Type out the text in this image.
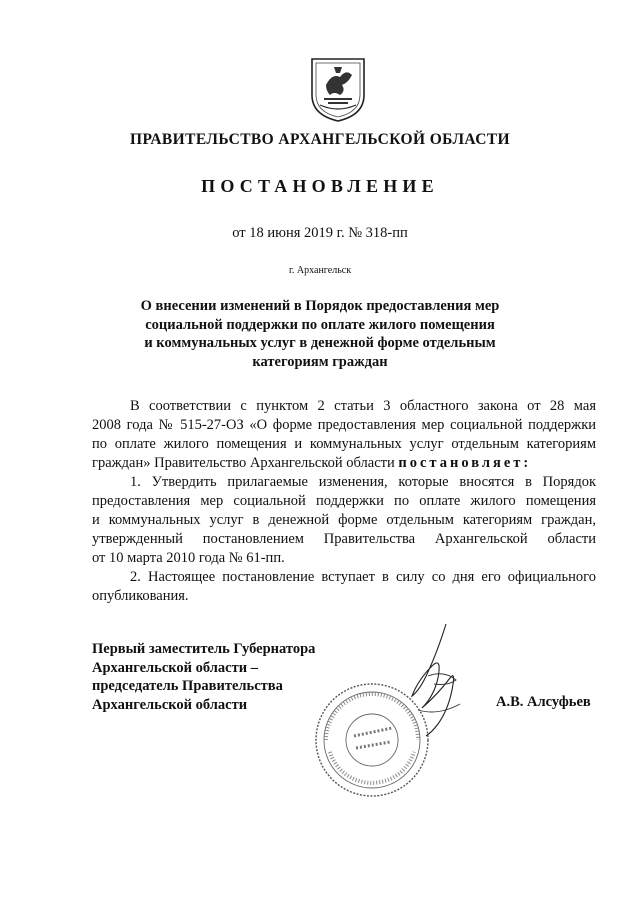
ПРАВИТЕЛЬСТВО АРХАНГЕЛЬСКОЙ ОБЛАСТИ
ПОСТАНОВЛЕНИЕ
от 18 июня 2019 г. № 318-пп
г. Архангельск
О внесении изменений в Порядок предоставления мер
социальной поддержки по оплате жилого помещения
и коммунальных услуг в денежной форме отдельным
категориям граждан
В соответствии с пунктом 2 статьи 3 областного закона от 28 мая
2008 года № 515-27-ОЗ «О форме предоставления мер социальной поддержки
по оплате жилого помещения и коммунальных услуг отдельным категориям
граждан» Правительство Архангельской области постановляет:
1. Утвердить прилагаемые изменения, которые вносятся в Порядок
предоставления мер социальной поддержки по оплате жилого помещения
и коммунальных услуг в денежной форме отдельным категориям граждан,
утвержденный постановлением Правительства Архангельской области
от 10 марта 2010 года № 61-пп.
2. Настоящее постановление вступает в силу со дня его официального
опубликования.
Первый заместитель Губернатора
Архангельской области –
председатель Правительства
Архангельской области	А.В. Алсуфьев
